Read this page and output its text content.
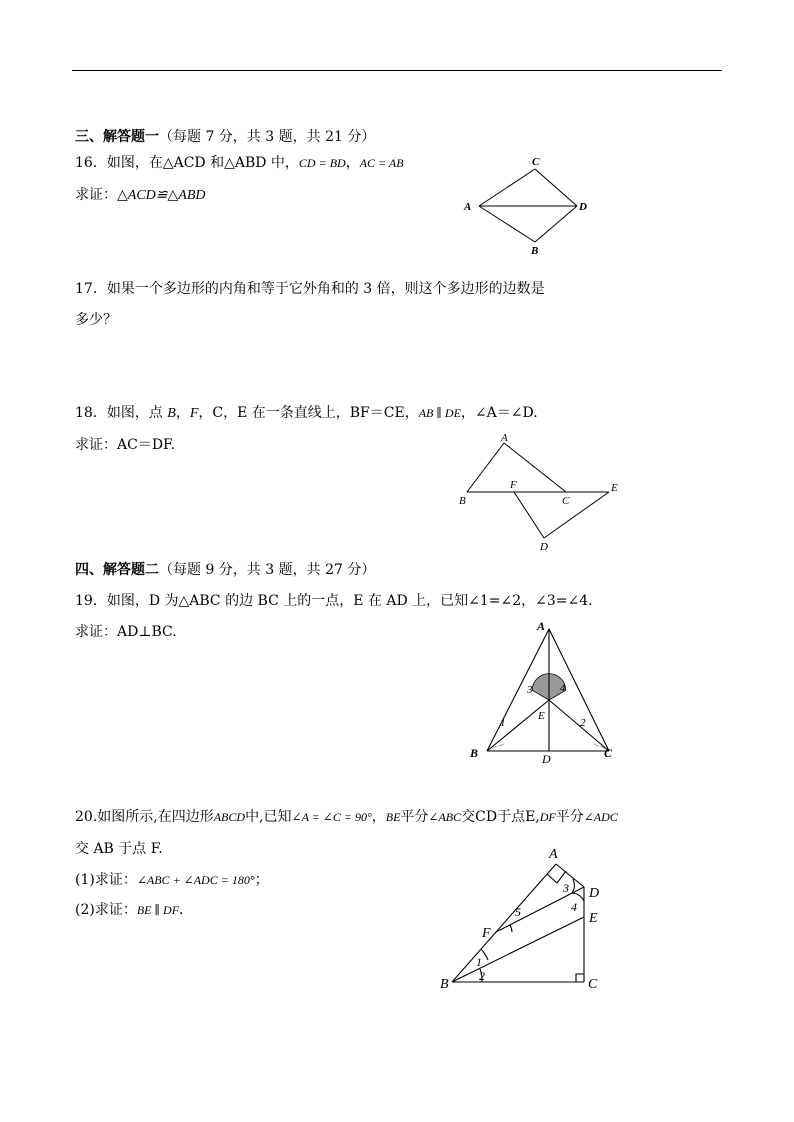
三、解答题一（每题 7 分，共 3 题，共 21 分）
16．如图，在△ACD 和△ABD 中，CD = BD，AC = AB
求证：△ACD≌△ABD
C
A	D
B
17．如果一个多边形的内角和等于它外角和的 3 倍，则这个多边形的边数是
多少？
18．如图，点 B，F，C，E 在一条直线上，BF＝CE，AB ∥ DE，∠A＝∠D.
求证：AC＝DF.	A
B
F
C
E
D
四、解答题二（每题 9 分，共 3 题，共 27 分）
19．如图，D 为△ABC 的边 BC 上的一点，E 在 AD 上，已知∠1=∠2，∠3=∠4.
求证：AD⊥BC.	A
B	C
D
E
1	2
3	4
20.如图所示,在四边形ABCD中,已知∠A = ∠C = 90°，BE平分∠ABC交CD于点E,DF平分∠ADC
交 AB 于点 F.
(1)求证：∠ABC + ∠ADC = 180°；
(2)求证：BE ∥ DF．
A
D
E
F
B	C
1
2
3
4
5
